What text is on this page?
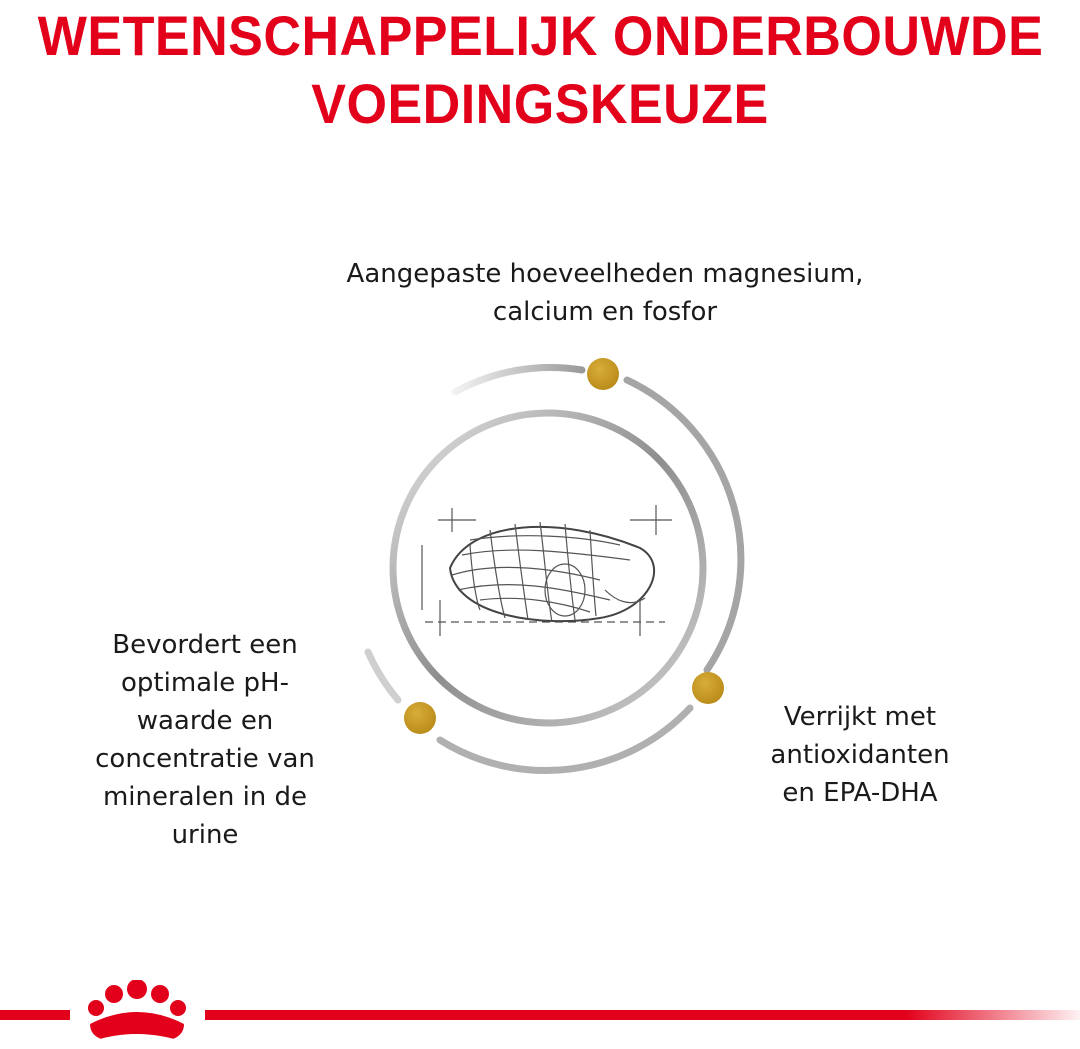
WETENSCHAPPELIJK ONDERBOUWDE
VOEDINGSKEUZE
Aangepaste hoeveelheden magnesium,
calcium en fosfor
Bevordert een
optimale pH-
waarde en
concentratie van
mineralen in de
urine
Verrijkt met
antioxidanten
en EPA-DHA
